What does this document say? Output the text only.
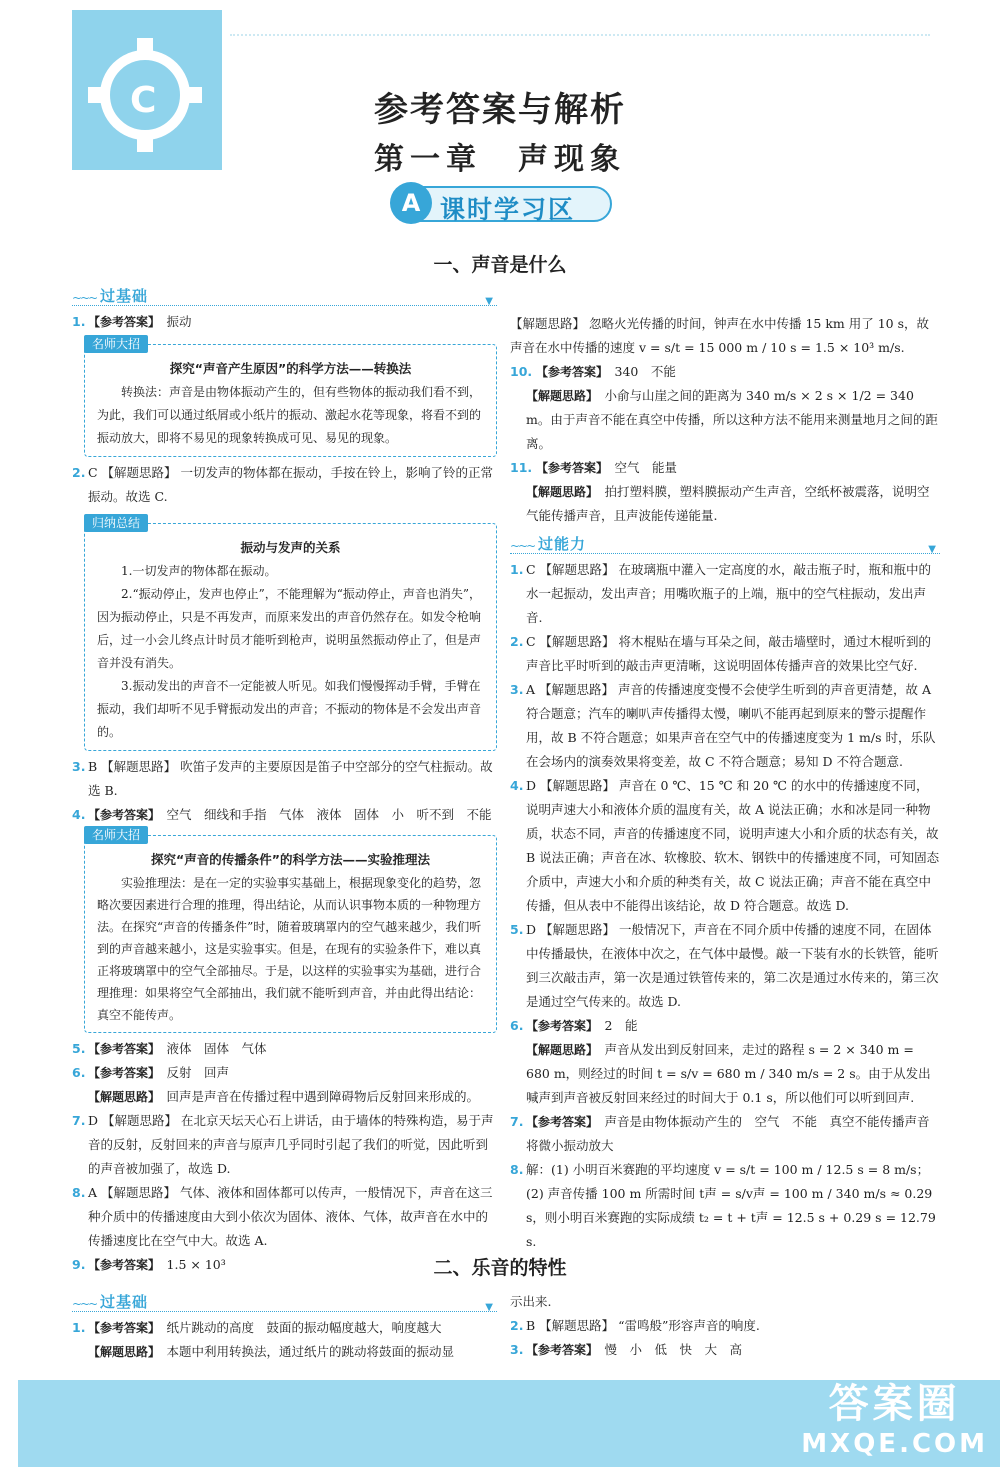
C	参考答案与解析
第一章　声现象
A 课时学习区
一、声音是什么
~~~ 过基础	▼
1. 【参考答案】　 振动
名师大招
探究“声音产生原因”的科学方法——转换法

转换法：声音是由物体振动产生的，但有些物体的振动我们看不到，为此，我们可以通过纸屑或小纸片的振动、激起水花等现象，将看不到的振动放大，即将不易见的现象转换成可见、易见的现象。

2. C 【解题思路】 一切发声的物体都在振动，手按在铃上，影响了铃的正常振动。故选 C.
归纳总结
振动与发声的关系

1.一切发声的物体都在振动。

2.“振动停止，发声也停止”，不能理解为“振动停止，声音也消失”，因为振动停止，只是不再发声，而原来发出的声音仍然存在。如发令枪响后，过一小会儿终点计时员才能听到枪声，说明虽然振动停止了，但是声音并没有消失。

3.振动发出的声音不一定能被人听见。如我们慢慢挥动手臂，手臂在振动，我们却听不见手臂振动发出的声音；不振动的物体是不会发出声音的。

3. B 【解题思路】 吹笛子发声的主要原因是笛子中空部分的空气柱振动。故选 B.
4. 【参考答案】　 空气　细线和手指　气体　液体　固体　小　听不到　不能
名师大招
探究“声音的传播条件”的科学方法——实验推理法

实验推理法：是在一定的实验事实基础上，根据现象变化的趋势，忽略次要因素进行合理的推理，得出结论，从而认识事物本质的一种物理方法。在探究“声音的传播条件”时，随着玻璃罩内的空气越来越少，我们听到的声音越来越小，这是实验事实。但是，在现有的实验条件下，难以真正将玻璃罩中的空气全部抽尽。于是，以这样的实验事实为基础，进行合理推理：如果将空气全部抽出，我们就不能听到声音，并由此得出结论：真空不能传声。

5. 【参考答案】　 液体　固体　气体
6. 【参考答案】　 反射　回声
【解题思路】　 回声是声音在传播过程中遇到障碍物后反射回来形成的。
7. D 【解题思路】 在北京天坛天心石上讲话，由于墙体的特殊构造，易于声音的反射，反射回来的声音与原声几乎同时引起了我们的听觉，因此听到的声音被加强了，故选 D.
8. A 【解题思路】 气体、液体和固体都可以传声，一般情况下，声音在这三种介质中的传播速度由大到小依次为固体、液体、气体，故声音在水中的传播速度比在空气中大。故选 A.
9. 【参考答案】　 1.5 × 10³
【解题思路】 忽略火光传播的时间，钟声在水中传播 15 km 用了 10 s，故声音在水中传播的速度 v = s/t = 15 000 m / 10 s = 1.5 × 10³ m/s.
10. 【参考答案】　 340　不能
【解题思路】　 小俞与山崖之间的距离为 340 m/s × 2 s × 1/2 = 340 m。由于声音不能在真空中传播，所以这种方法不能用来测量地月之间的距离。
11. 【参考答案】　 空气　能量
【解题思路】　 拍打塑料膜，塑料膜振动产生声音，空纸杯被震落，说明空气能传播声音，且声波能传递能量.
~~~ 过能力	▼
1. C 【解题思路】 在玻璃瓶中灌入一定高度的水，敲击瓶子时，瓶和瓶中的水一起振动，发出声音；用嘴吹瓶子的上端，瓶中的空气柱振动，发出声音.
2. C 【解题思路】 将木棍贴在墙与耳朵之间，敲击墙壁时，通过木棍听到的声音比平时听到的敲击声更清晰，这说明固体传播声音的效果比空气好.
3. A 【解题思路】 声音的传播速度变慢不会使学生听到的声音更清楚，故 A 符合题意；汽车的喇叭声传播得太慢，喇叭不能再起到原来的警示提醒作用，故 B 不符合题意；如果声音在空气中的传播速度变为 1 m/s 时，乐队在会场内的演奏效果将变差，故 C 不符合题意；易知 D 不符合题意.
4. D 【解题思路】 声音在 0 ℃、15 ℃ 和 20 ℃ 的水中的传播速度不同，说明声速大小和液体介质的温度有关，故 A 说法正确；水和冰是同一种物质，状态不同，声音的传播速度不同，说明声速大小和介质的状态有关，故 B 说法正确；声音在冰、软橡胶、软木、钢铁中的传播速度不同，可知固态介质中，声速大小和介质的种类有关，故 C 说法正确；声音不能在真空中传播，但从表中不能得出该结论，故 D 符合题意。故选 D.
5. D 【解题思路】 一般情况下，声音在不同介质中传播的速度不同，在固体中传播最快，在液体中次之，在气体中最慢。敲一下装有水的长铁管，能听到三次敲击声，第一次是通过铁管传来的，第二次是通过水传来的，第三次是通过空气传来的。故选 D.
6. 【参考答案】　 2　能
【解题思路】　 声音从发出到反射回来，走过的路程 s = 2 × 340 m = 680 m，则经过的时间 t = s/v = 680 m / 340 m/s = 2 s。由于从发出喊声到声音被反射回来经过的时间大于 0.1 s，所以他们可以听到回声.
7. 【参考答案】　 声音是由物体振动产生的　空气　不能　真空不能传播声音　将微小振动放大
8. 解：(1) 小明百米赛跑的平均速度 v = s/t = 100 m / 12.5 s = 8 m/s；
(2) 声音传播 100 m 所需时间 t声 = s/v声 = 100 m / 340 m/s ≈ 0.29 s，则小明百米赛跑的实际成绩 t₂ = t + t声 = 12.5 s + 0.29 s = 12.79 s.
二、乐音的特性
~~~ 过基础	▼
1. 【参考答案】　 纸片跳动的高度　鼓面的振动幅度越大，响度越大
【解题思路】　 本题中利用转换法，通过纸片的跳动将鼓面的振动显
示出来.
2. B 【解题思路】 “雷鸣般”形容声音的响度.
3. 【参考答案】　 慢　小　低　快　大　高
答案圈
MXQE.COM
